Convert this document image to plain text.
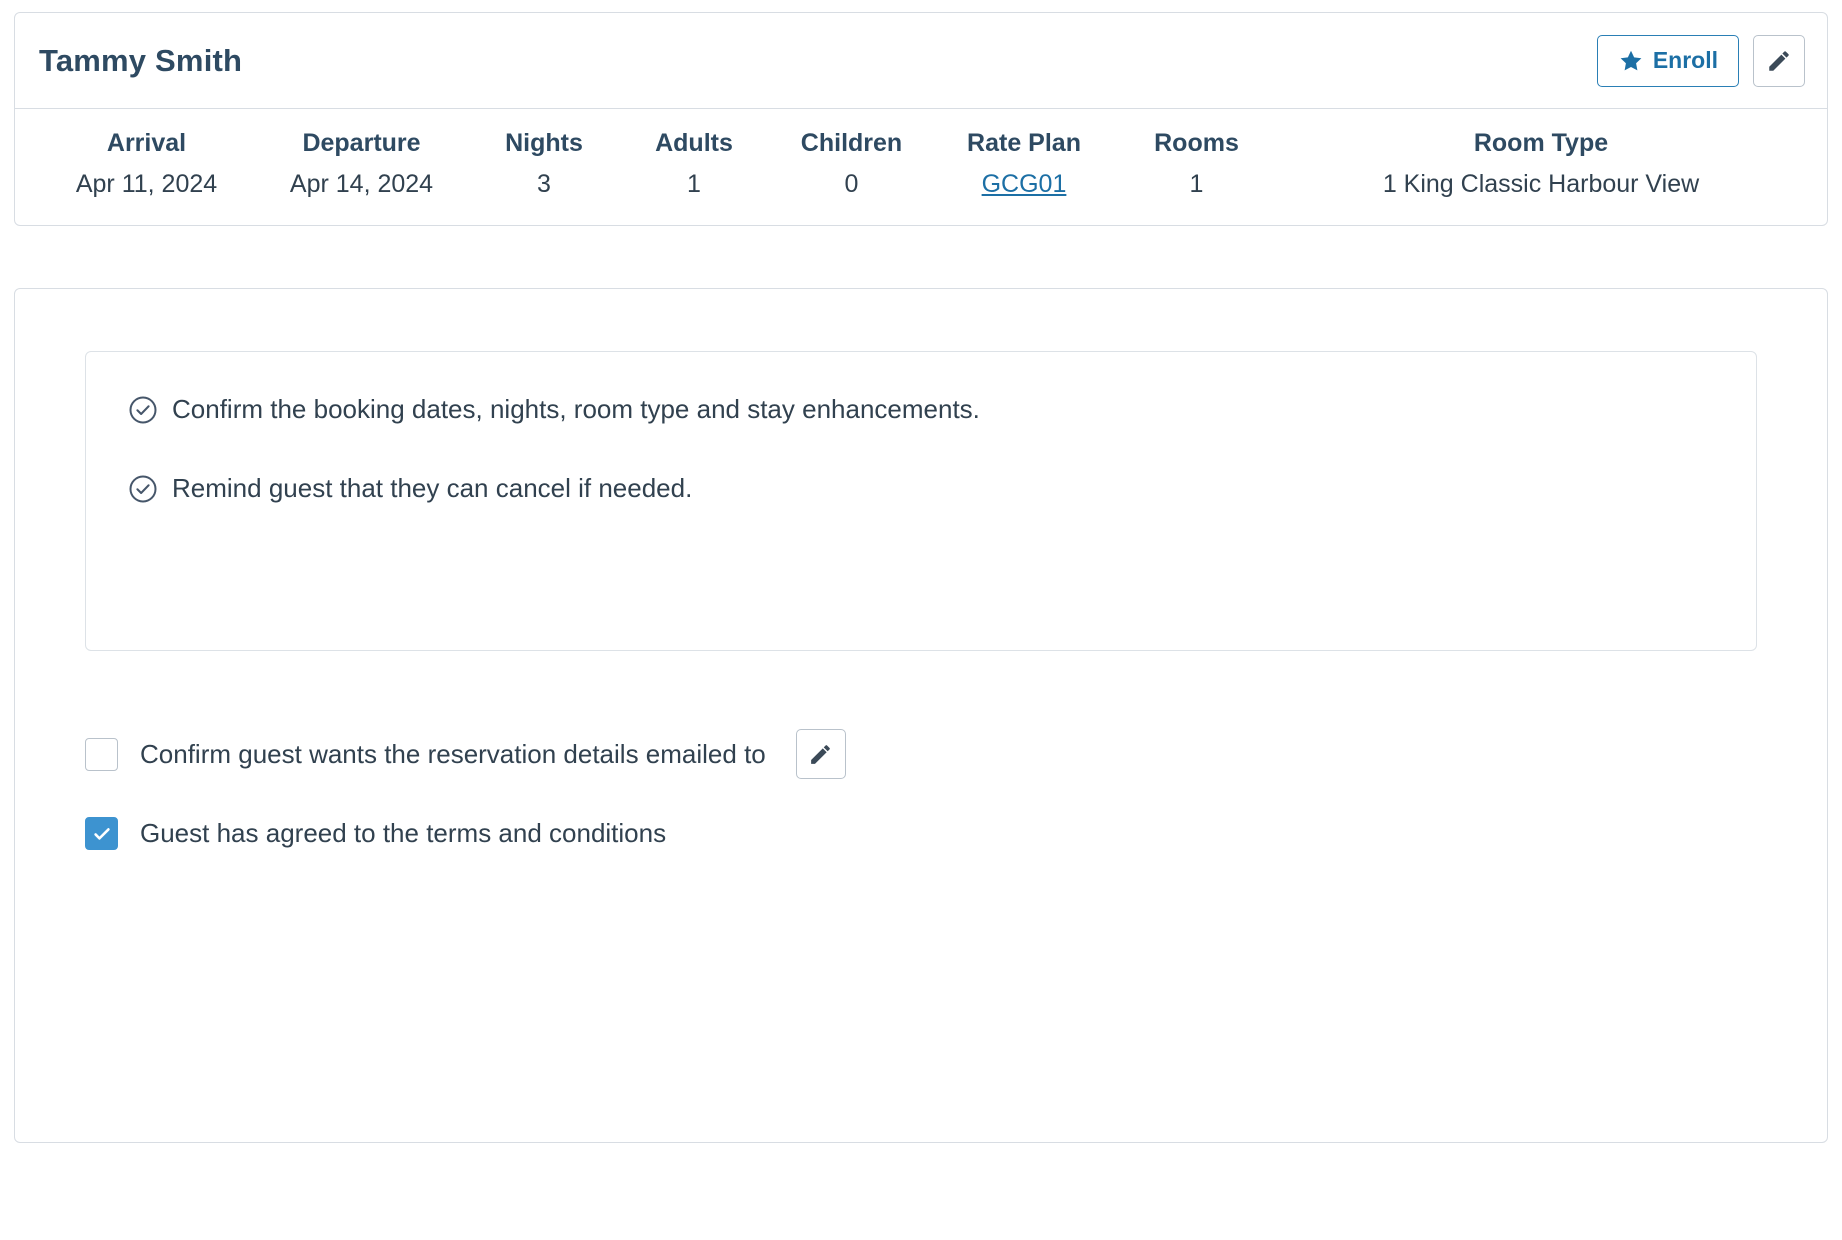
Tammy Smith	Enroll
Arrival
Apr 11, 2024
Departure
Apr 14, 2024
Nights
3
Adults
1
Children
0
Rate Plan
GCG01
Rooms
1
Room Type
1 King Classic Harbour View
Confirm the booking dates, nights, room type and stay enhancements.
Remind guest that they can cancel if needed.
Confirm guest wants the reservation details emailed to
Guest has agreed to the terms and conditions
